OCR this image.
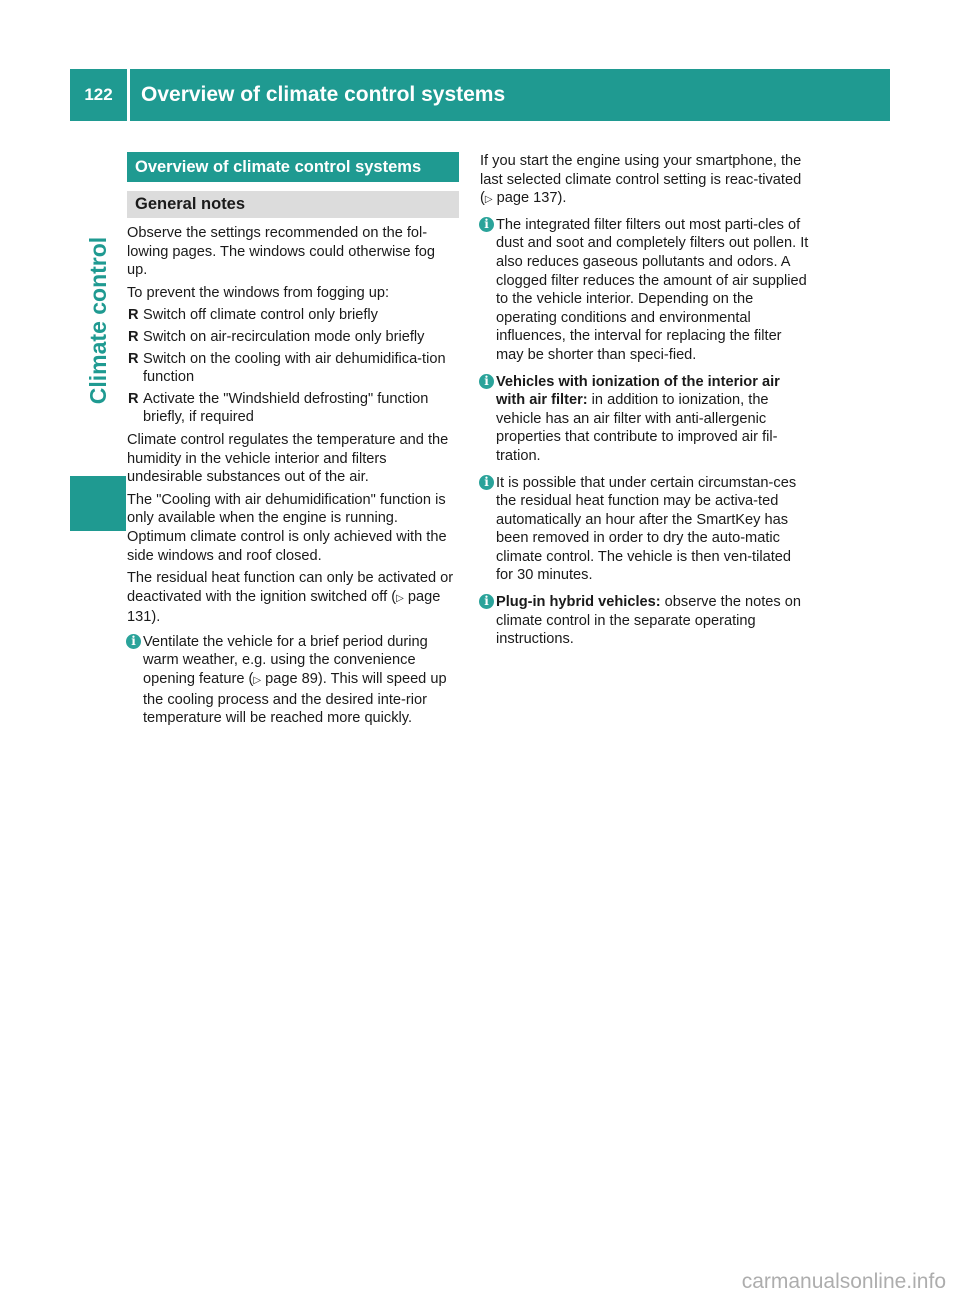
122	Overview of climate control systems
Climate control
Overview of climate control systems
General notes

Observe the settings recommended on the fol-lowing pages. The windows could otherwise fog up.

To prevent the windows from fogging up:

R Switch off climate control only briefly
R Switch on air-recirculation mode only briefly
R Switch on the cooling with air dehumidifica-tion function
R Activate the "Windshield defrosting" function briefly, if required

Climate control regulates the temperature and the humidity in the vehicle interior and filters undesirable substances out of the air.

The "Cooling with air dehumidification" function is only available when the engine is running. Optimum climate control is only achieved with the side windows and roof closed.

The residual heat function can only be activated or deactivated with the ignition switched off (▷ page 131).

i Ventilate the vehicle for a brief period during warm weather, e.g. using the convenience opening feature (▷ page 89). This will speed up the cooling process and the desired inte-rior temperature will be reached more quickly.

If you start the engine using your smartphone, the last selected climate control setting is reac-tivated (▷ page 137).

i The integrated filter filters out most parti-cles of dust and soot and completely filters out pollen. It also reduces gaseous pollutants and odors. A clogged filter reduces the amount of air supplied to the vehicle interior. Depending on the operating conditions and environmental influences, the interval for replacing the filter may be shorter than speci-fied.
i Vehicles with ionization of the interior air with air filter: in addition to ionization, the vehicle has an air filter with anti-allergenic properties that contribute to improved air fil-tration.
i It is possible that under certain circumstan-ces the residual heat function may be activa-ted automatically an hour after the SmartKey has been removed in order to dry the auto-matic climate control. The vehicle is then ven-tilated for 30 minutes.
i Plug-in hybrid vehicles: observe the notes on climate control in the separate operating instructions.
carmanualsonline.info
